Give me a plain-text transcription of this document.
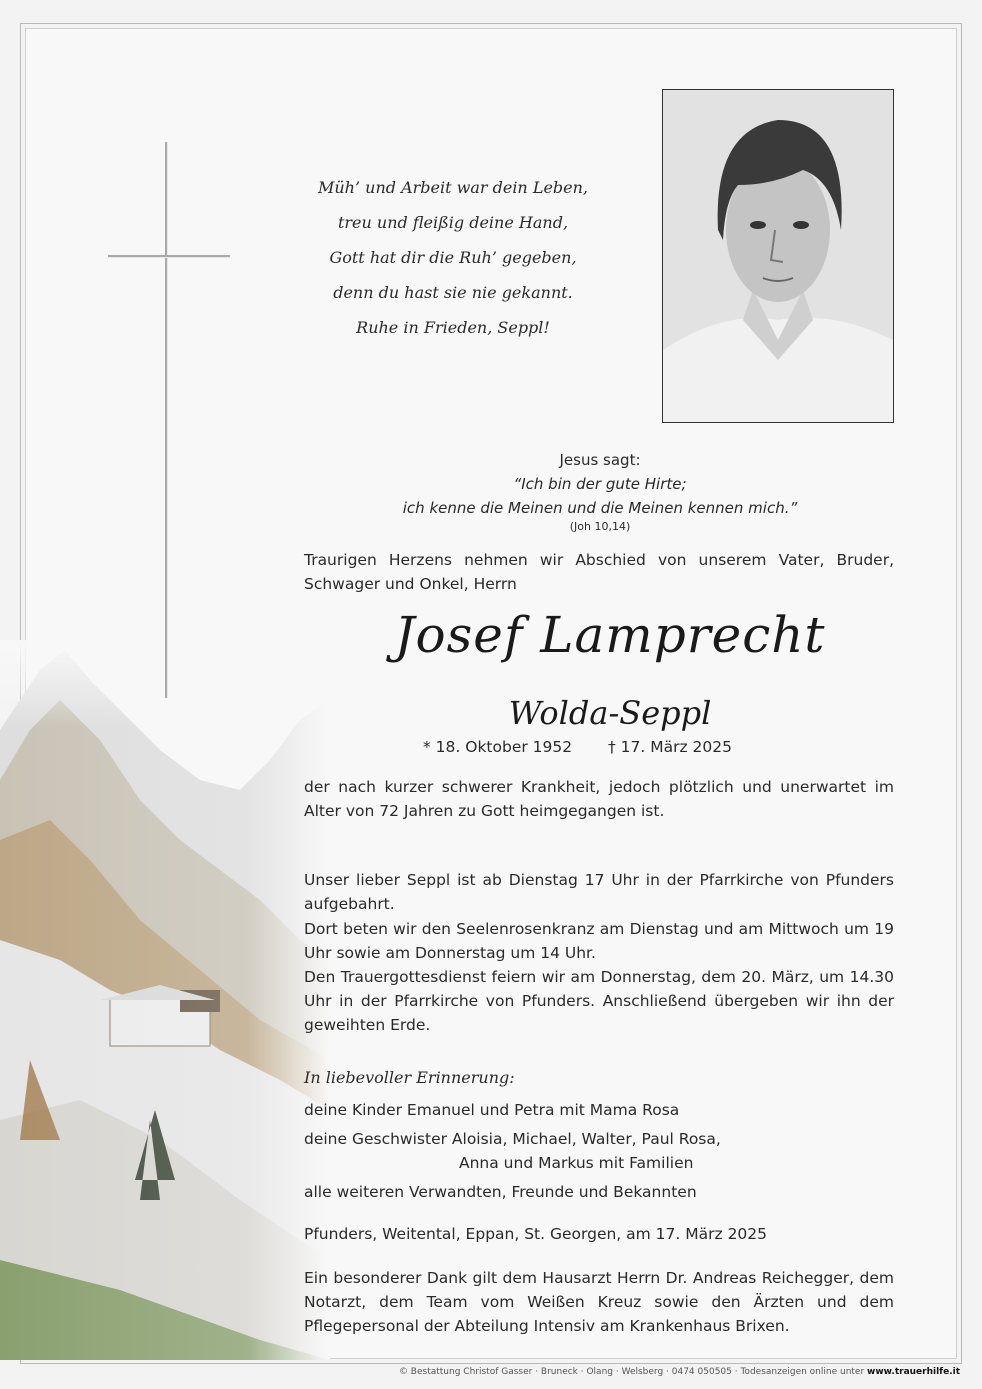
Müh’ und Arbeit war dein Leben,
treu und fleißig deine Hand,
Gott hat dir die Ruh’ gegeben,
denn du hast sie nie gekannt.
Ruhe in Frieden, Seppl!
Jesus sagt:
“Ich bin der gute Hirte;
ich kenne die Meinen und die Meinen kennen mich.”
(Joh 10,14)
Traurigen Herzens nehmen wir Abschied von unserem Vater, Bruder, Schwager und Onkel, Herrn
Josef Lamprecht
Wolda-Seppl
* 18. Oktober 1952 † 17. März 2025
der nach kurzer schwerer Krankheit, jedoch plötzlich und unerwartet im Alter von 72 Jahren zu Gott heimgegangen ist.
Unser lieber Seppl ist ab Dienstag 17 Uhr in der Pfarrkirche von Pfunders aufgebahrt.
Dort beten wir den Seelenrosenkranz am Dienstag und am Mittwoch um 19 Uhr sowie am Donnerstag um 14 Uhr.
Den Trauergottesdienst feiern wir am Donnerstag, dem 20. März, um 14.30 Uhr in der Pfarrkirche von Pfunders. Anschließend übergeben wir ihn der geweihten Erde.
In liebevoller Erinnerung:
deine Kinder Emanuel und Petra mit Mama Rosa
deine Geschwister Aloisia, Michael, Walter, Paul Rosa,
Anna und Markus mit Familien
alle weiteren Verwandten, Freunde und Bekannten
Pfunders, Weitental, Eppan, St. Georgen, am 17. März 2025
Ein besonderer Dank gilt dem Hausarzt Herrn Dr. Andreas Reichegger, dem Notarzt, dem Team vom Weißen Kreuz sowie den Ärzten und dem Pflegepersonal der Abteilung Intensiv am Krankenhaus Brixen.
© Bestattung Christof Gasser · Bruneck · Olang · Welsberg · 0474 050505 · Todesanzeigen online unter www.trauerhilfe.it
